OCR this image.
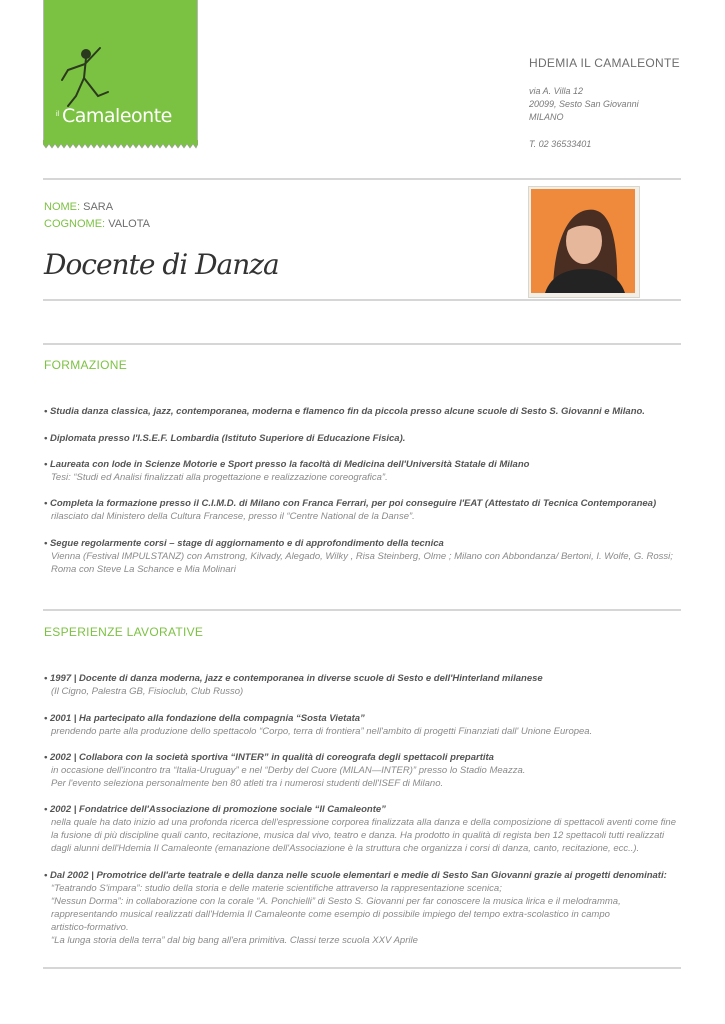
il Camaleonte
HDEMIA IL CAMALEONTE
via A. Villa 12
20099, Sesto San Giovanni
MILANO
T. 02 36533401
NOME: SARA
COGNOME: VALOTA
Docente di Danza
FORMAZIONE
• Studia danza classica, jazz, contemporanea, moderna e flamenco fin da piccola presso alcune scuole di Sesto S. Giovanni e Milano.
• Diplomata presso l'I.S.E.F. Lombardia (Istituto Superiore di Educazione Fisica).
• Laureata con lode in Scienze Motorie e Sport presso la facoltà di Medicina dell'Università Statale di Milano
Tesi: “Studi ed Analisi finalizzati alla progettazione e realizzazione coreografica”.
• Completa la formazione presso il C.I.M.D. di Milano con Franca Ferrari, per poi conseguire l'EAT (Attestato di Tecnica Contemporanea)
rilasciato dal Ministero della Cultura Francese, presso il “Centre National de la Danse”.
• Segue regolarmente corsi – stage di aggiornamento e di approfondimento della tecnica
Vienna (Festival IMPULSTANZ) con Amstrong, Kilvady, Alegado, Wilky , Risa Steinberg, Olme ; Milano con Abbondanza/ Bertoni, I. Wolfe, G. Rossi;
Roma con Steve La Schance e Mia Molinari
ESPERIENZE LAVORATIVE
• 1997 | Docente di danza moderna, jazz e contemporanea in diverse scuole di Sesto e dell'Hinterland milanese
(Il Cigno, Palestra GB, Fisioclub, Club Russo)
• 2001 | Ha partecipato alla fondazione della compagnia “Sosta Vietata”
prendendo parte alla produzione dello spettacolo “Corpo, terra di frontiera” nell'ambito di progetti Finanziati dall' Unione Europea.
• 2002 | Collabora con la società sportiva “INTER” in qualità di coreografa degli spettacoli prepartita
in occasione dell'incontro tra “Italia-Uruguay” e nel “Derby del Cuore (MILAN—INTER)” presso lo Stadio Meazza.
Per l'evento seleziona personalmente ben 80 atleti tra i numerosi studenti dell'ISEF di Milano.
• 2002 | Fondatrice dell'Associazione di promozione sociale “Il Camaleonte”
nella quale ha dato inizio ad una profonda ricerca dell'espressione corporea finalizzata alla danza e della composizione di spettacoli aventi come fine
la fusione di più discipline quali canto, recitazione, musica dal vivo, teatro e danza. Ha prodotto in qualità di regista ben 12 spettacoli tutti realizzati
dagli alunni dell'Hdemia Il Camaleonte (emanazione dell'Associazione è la struttura che organizza i corsi di danza, canto, recitazione, ecc..).
• Dal 2002 | Promotrice dell'arte teatrale e della danza nelle scuole elementari e medie di Sesto San Giovanni grazie ai progetti denominati:
“Teatrando S'impara”: studio della storia e delle materie scientifiche attraverso la rappresentazione scenica;
“Nessun Dorma”: in collaborazione con la corale “A. Ponchielli” di Sesto S. Giovanni per far conoscere la musica lirica e il melodramma,
rappresentando musical realizzati dall'Hdemia Il Camaleonte come esempio di possibile impiego del tempo extra-scolastico in campo
artistico-formativo.
“La lunga storia della terra” dal big bang all'era primitiva. Classi terze scuola XXV Aprile
